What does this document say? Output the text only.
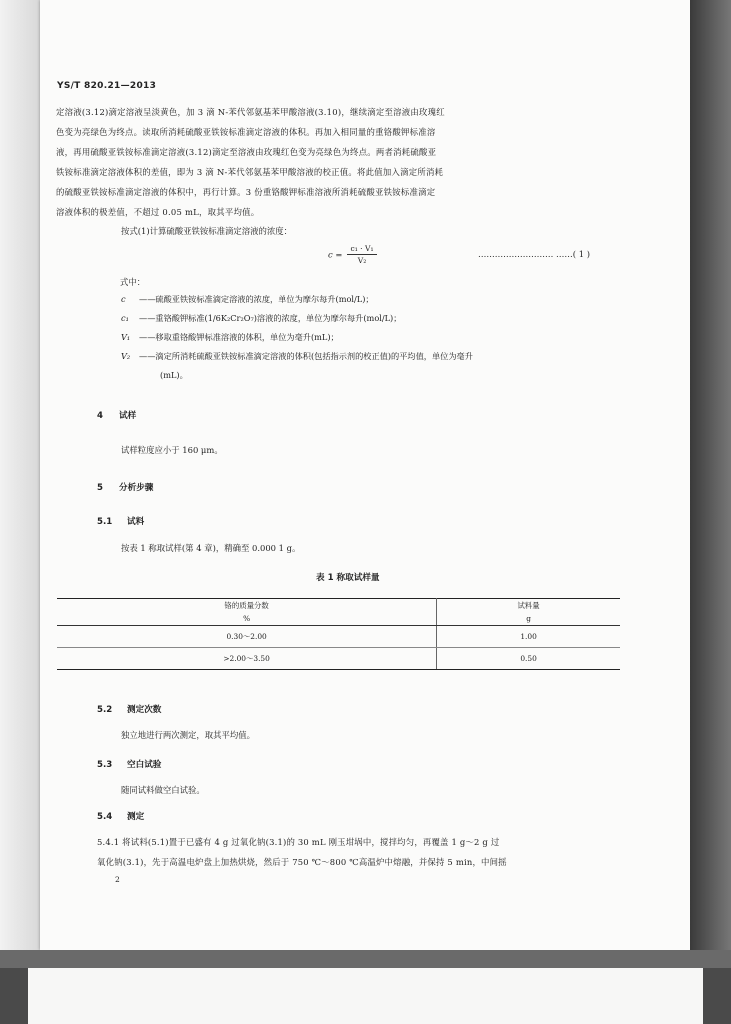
YS/T 820.21—2013
定溶液(3.12)滴定溶液呈淡黄色，加 3 滴 N-苯代邻氨基苯甲酸溶液(3.10)，继续滴定至溶液由玫瑰红
色变为亮绿色为终点。读取所消耗硫酸亚铁铵标准滴定溶液的体积。再加入相同量的重铬酸钾标准溶
液，再用硫酸亚铁铵标准滴定溶液(3.12)滴定至溶液由玫瑰红色变为亮绿色为终点。两者消耗硫酸亚
铁铵标准滴定溶液体积的差值，即为 3 滴 N-苯代邻氨基苯甲酸溶液的校正值。将此值加入滴定所消耗
的硫酸亚铁铵标准滴定溶液的体积中，再行计算。3 份重铬酸钾标准溶液所消耗硫酸亚铁铵标准滴定
溶液体积的极差值，不超过 0.05 mL，取其平均值。
按式(1)计算硫酸亚铁铵标准滴定溶液的浓度：
$c = \frac{\text{c₁ · V₁}}{\text{V₂}}$	……………………… ……( 1 )
式中：
c ——硫酸亚铁铵标准滴定溶液的浓度，单位为摩尔每升(mol/L)；
c₁ ——重铬酸钾标准(1/6K₂Cr₂O₇)溶液的浓度，单位为摩尔每升(mol/L)；
V₁ ——移取重铬酸钾标准溶液的体积，单位为毫升(mL)；
V₂ ——滴定所消耗硫酸亚铁铵标准滴定溶液的体积(包括指示剂的校正值)的平均值，单位为毫升
(mL)。
4 试样
试样粒度应小于 160 μm。
5 分析步骤
5.1 试料
按表 1 称取试样(第 4 章)，精确至 0.000 1 g。
表 1 称取试样量
铬的质量分数	试料量
%	g
0.30～2.00	1.00
>2.00～3.50	0.50
5.2 测定次数
独立地进行两次测定，取其平均值。
5.3 空白试验
随同试料做空白试验。
5.4 测定
5.4.1 将试料(5.1)置于已盛有 4 g 过氧化钠(3.1)的 30 mL 刚玉坩埚中，搅拌均匀，再覆盖 1 g～2 g 过
氧化钠(3.1)，先于高温电炉盘上加热烘烧，然后于 750 ℃～800 ℃高温炉中熔融，并保持 5 min，中间摇
2
